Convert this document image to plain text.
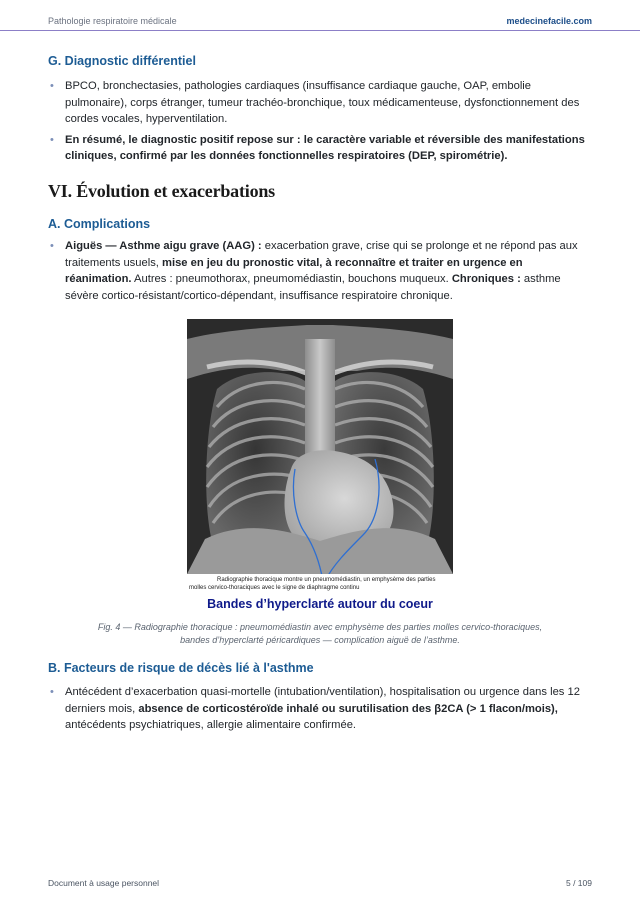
Pathologie respiratoire médicale	medecinefacile.com
G. Diagnostic différentiel
• BPCO, bronchectasies, pathologies cardiaques (insuffisance cardiaque gauche, OAP, embolie pulmonaire), corps étranger, tumeur trachéo-bronchique, toux médicamenteuse, dysfonctionnement des cordes vocales, hyperventilation.
• En résumé, le diagnostic positif repose sur : le caractère variable et réversible des manifestations cliniques, confirmé par les données fonctionnelles respiratoires (DEP, spirométrie).
VI. Évolution et exacerbations
A. Complications
• Aiguës — Asthme aigu grave (AAG) : exacerbation grave, crise qui se prolonge et ne répond pas aux traitements usuels, mise en jeu du pronostic vital, à reconnaître et traiter en urgence en réanimation. Autres : pneumothorax, pneumomédiastin, bouchons muqueux. Chroniques : asthme sévère cortico-résistant/cortico-dépendant, insuffisance respiratoire chronique.
Radiographie thoracique montre un pneumomédiastin, un emphysème des parties
molles cervico-thoraciques avec le signe de diaphragme continu
Bandes d’hyperclarté autour du coeur
Fig. 4 — Radiographie thoracique : pneumomédiastin avec emphysème des parties molles cervico-thoraciques,
bandes d’hyperclarté péricardiques — complication aiguë de l’asthme.
B. Facteurs de risque de décès lié à l'asthme
• Antécédent d’exacerbation quasi-mortelle (intubation/ventilation), hospitalisation ou urgence dans les 12 derniers mois, absence de corticostéroïde inhalé ou surutilisation des β2CA (> 1 flacon/mois), antécédents psychiatriques, allergie alimentaire confirmée.
Document à usage personnel	5 / 109
